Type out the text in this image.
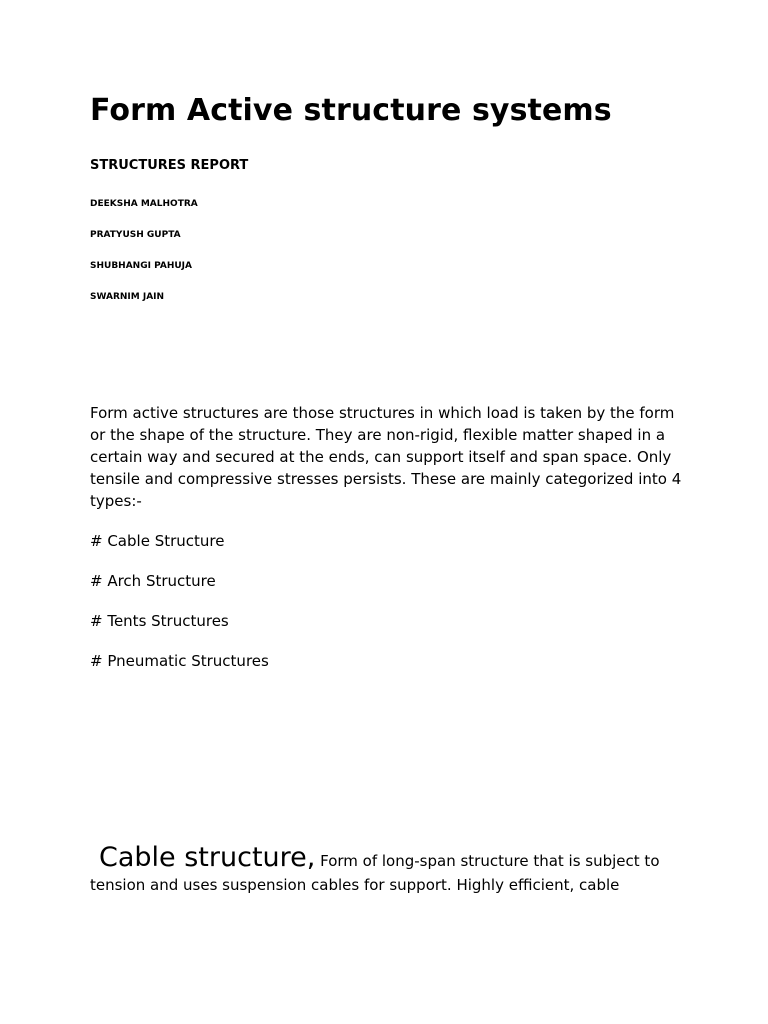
Form Active structure systems
STRUCTURES REPORT

DEEKSHA MALHOTRA

PRATYUSH GUPTA

SHUBHANGI PAHUJA

SWARNIM JAIN

Form active structures are those structures in which load is taken by the form or the shape of the structure. They are non-rigid, flexible matter shaped in a certain way and secured at the ends, can support itself and span space. Only tensile and compressive stresses persists. These are mainly categorized into 4 types:-

# Cable Structure

# Arch Structure

# Tents Structures

# Pneumatic Structures

Cable structure, Form of long-span structure that is subject to tension and uses suspension cables for support. Highly efficient, cable
